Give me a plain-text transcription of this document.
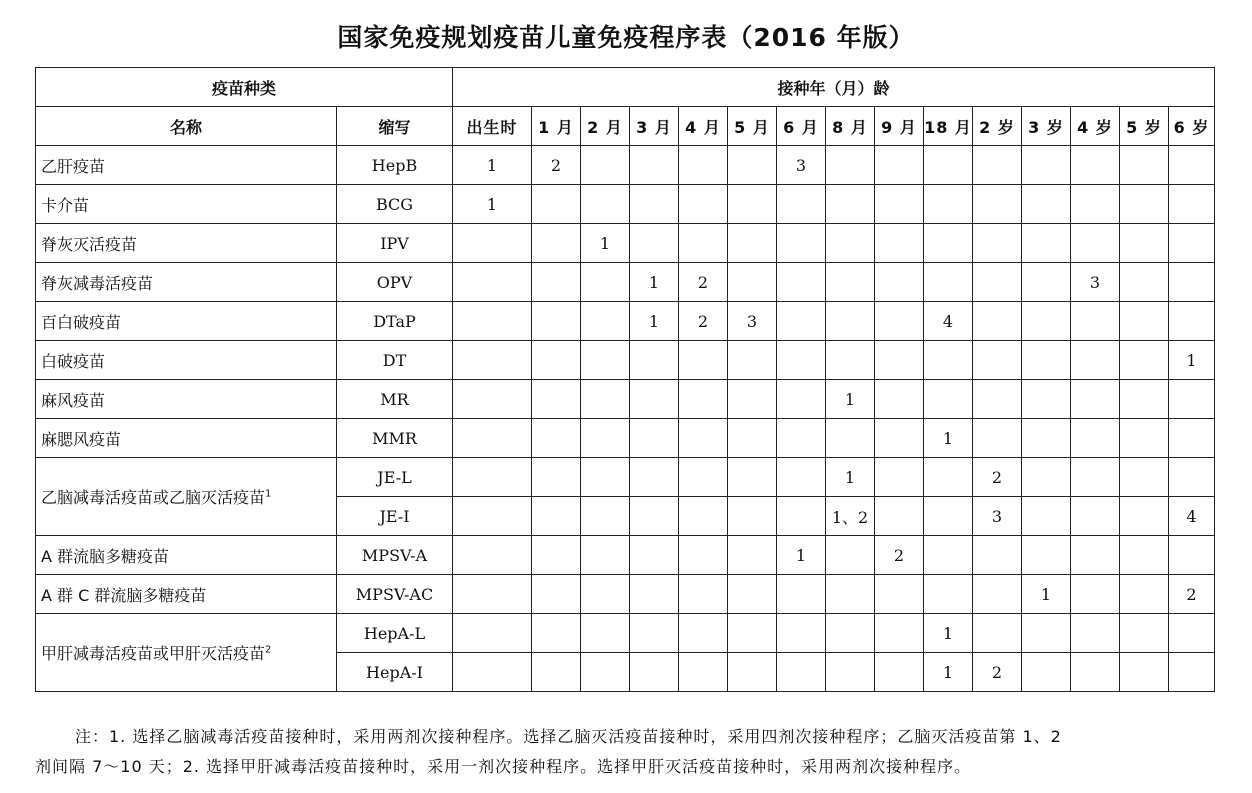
国家免疫规划疫苗儿童免疫程序表（2016 年版）
疫苗种类		接种年（月）龄														
名称	缩写	出生时	1 月	2 月	3 月	4 月	5 月	6 月	8 月	9 月	18 月	2 岁	3 岁	4 岁	5 岁	6 岁
乙肝疫苗	HepB	1	2					3								
卡介苗	BCG	1														
脊灰灭活疫苗	IPV			1												
脊灰减毒活疫苗	OPV				1	2								3		
百白破疫苗	DTaP				1	2	3				4					
白破疫苗	DT															1
麻风疫苗	MR								1							
麻腮风疫苗	MMR										1					
乙脑减毒活疫苗或乙脑灭活疫苗$^1$	JE-L								1			2				
	JE-I								1、2			3				4
A 群流脑多糖疫苗	MPSV-A							1		2						
A 群 C 群流脑多糖疫苗	MPSV-AC												1			2
甲肝减毒活疫苗或甲肝灭活疫苗$^2$	HepA-L										1					
	HepA-I										1	2				
注：1. 选择乙脑减毒活疫苗接种时，采用两剂次接种程序。选择乙脑灭活疫苗接种时，采用四剂次接种程序；乙脑灭活疫苗第 1、2
剂间隔 7～10 天；2. 选择甲肝减毒活疫苗接种时，采用一剂次接种程序。选择甲肝灭活疫苗接种时，采用两剂次接种程序。
